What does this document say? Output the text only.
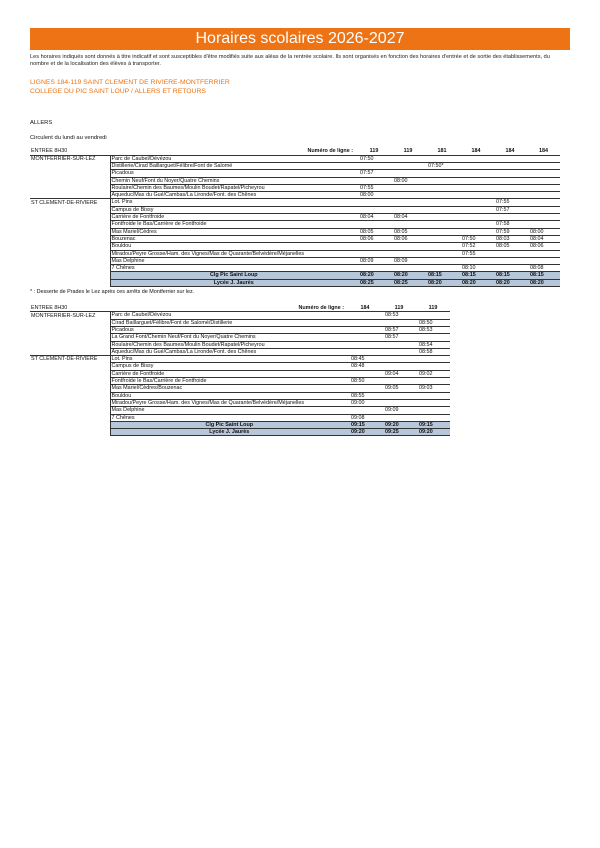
Horaires scolaires 2026-2027
Les horaires indiqués sont donnés à titre indicatif et sont susceptibles d'être modifiés suite aux aléas de la rentrée scolaire. Ils sont organisés en fonction des horaires d'entrée et de sortie des établissements, du nombre et de la localisation des élèves à transporter.
LIGNES 184-119 SAINT CLEMENT DE RIVIERE-MONTFERRIER
COLLEGE DU PIC SAINT LOUP / ALLERS ET RETOURS
ALLERS
Circulent du lundi au vendredi
ENTREE 8H30	Numéro de ligne :	119	119	181	184	184	184
MONTFERRIER-SUR-LEZ	Parc de Caubel/Dévézou	07:50					
	Distillerie/Cirad Baillarguet/Félibre/Font de Salomé			07:50*			
	Picadous	07:57					
	Chemin Neuf/Font du Noyer/Quatre Chemins		08:00				
	Roulaire/Chemin des Baumes/Moulin Boudet/Rapatel/Picheyrou	07:55					
	Aqueduc/Mas du Gué/Cambas/La Lironde/Font. des Chênes	08:00					
ST CLEMENT-DE-RIVIERE	Lot. Pins					07:55	
	Campus de Bissy					07:57	
	Carrière de Fontfroide	08:04	08:04				
	Fontfroide le Bas/Carrière de Fontfroide					07:58	
	Mas Mariel/Cèdres	08:05	08:05			07:59	08:00
	Bouzenac	08:06	08:06		07:50	08:03	08:04
	Bouldou				07:52	08:05	08:06
	Miradou/Peyre Grosse/Ham. des Vignes/Mas de Quarante/Belvédère/Méjanelles				07:55		
	Mas Delphine	08:09	08:09				
	7 Chênes				08:10		08:08
	Clg Pic Saint Loup	08:20	08:20	08:15	08:15	08:15	08:15
	Lycée J. Jaurès	08:25	08:25	08:20	08:20	08:20	08:20
* : Desserte de Prades le Lez après ces arrêts de Montferrier sur lez.
ENTREE 8H30	Numéro de ligne :	184	119	119
MONTFERRIER-SUR-LEZ	Parc de Caubel/Dévézou		08:53	
	Cirad Baillarguet/Félibre/Font de Salomé/Distillerie			08:50
	Picadous		08:57	08:53
	La Grand Font/Chemin Neuf/Font du Noyer/Quatre Chemins		08:57	
	Roulaire/Chemin des Baumes/Moulin Boudet/Rapatel/Picheyrou			08:54
	Aqueduc/Mas du Gué/Cambas/La Lironde/Font. des Chênes			08:58
ST CLEMENT-DE-RIVIERE	Lot. Pins	08:45		
	Campus de Bissy	08:48		
	Carrière de Fontfroide		09:04	09:02
	Fontfroide le Bas/Carrière de Fontfroide	08:50		
	Mas Mariel/Cèdres/Bouzenac		09:05	09:03
	Bouldou	08:55		
	Miradou/Peyre Grosse/Ham. des Vignes/Mas de Quarante/Belvédère/Méjanelles	09:00		
	Mas Delphine		09:09	
	7 Chênes	09:08		
	Clg Pic Saint Loup	09:15	09:20	09:15
	Lycée J. Jaurès	09:20	09:25	09:20
